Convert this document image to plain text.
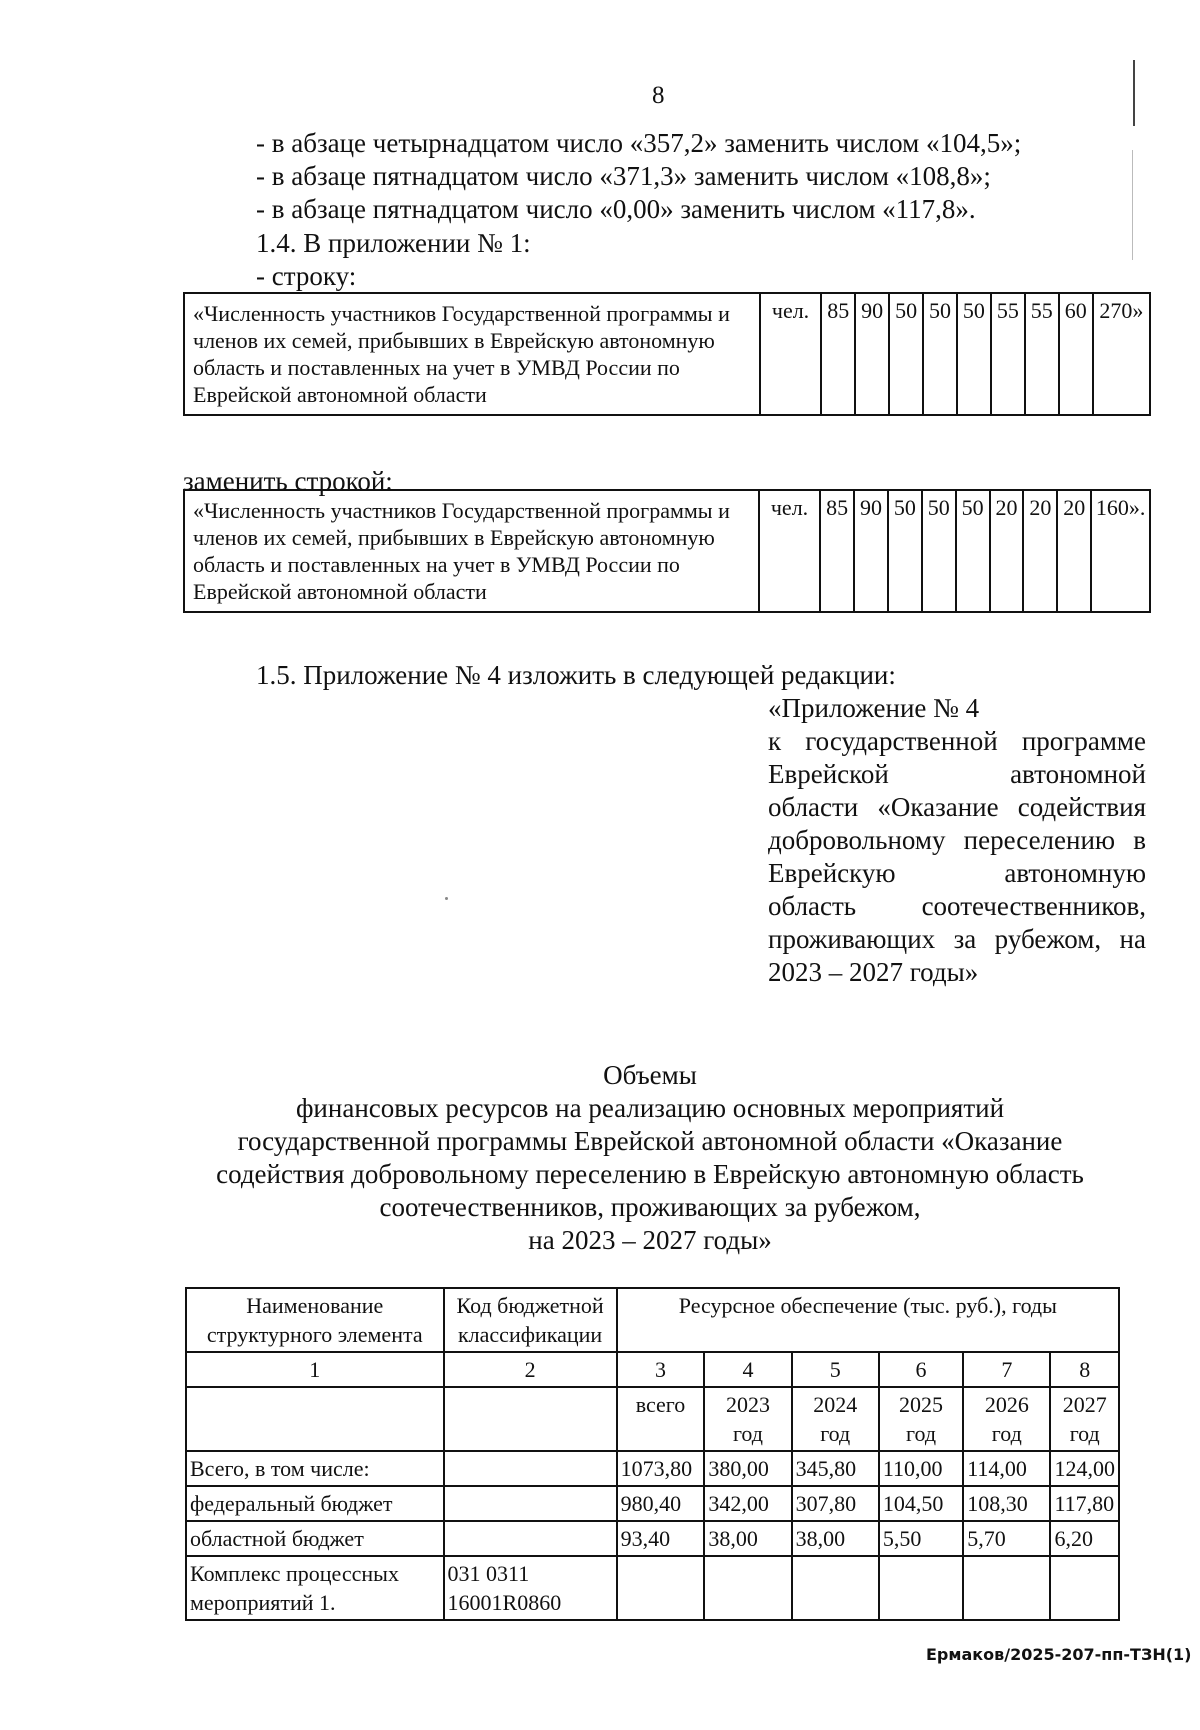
8
- в абзаце четырнадцатом число «357,2» заменить числом «104,5»;
- в абзаце пятнадцатом число «371,3» заменить числом «108,8»;
- в абзаце пятнадцатом число «0,00» заменить числом «117,8».
1.4. В приложении № 1:
- строку:
«Численность участников Государственной программы и членов их семей, прибывших в Еврейскую автономную область и поставленных на учет в УМВД России по Еврейской автономной области	чел.	85	90	50	50	50	55	55	60	270»
заменить строкой:
«Численность участников Государственной программы и членов их семей, прибывших в Еврейскую автономную область и поставленных на учет в УМВД России по Еврейской автономной области	чел.	85	90	50	50	50	20	20	20	160».
1.5. Приложение № 4 изложить в следующей редакции:
«Приложение № 4
к государственной программе
Еврейской автономной
области «Оказание содействия
добровольному переселению в
Еврейскую автономную
область соотечественников,
проживающих за рубежом, на
2023 – 2027 годы»
Объемы
финансовых ресурсов на реализацию основных мероприятий
государственной программы Еврейской автономной области «Оказание
содействия добровольному переселению в Еврейскую автономную область
соотечественников, проживающих за рубежом,
на 2023 – 2027 годы»
Наименование структурного элемента	Код бюджетной классификации	Ресурсное обеспечение (тыс. руб.), годы					
1	2	3	4	5	6	7	8
		всего	2023 год	2024 год	2025 год	2026 год	2027 год
Всего, в том числе:		1073,80	380,00	345,80	110,00	114,00	124,00
федеральный бюджет		980,40	342,00	307,80	104,50	108,30	117,80
областной бюджет		93,40	38,00	38,00	5,50	5,70	6,20
Комплекс процессных мероприятий 1.	031 0311 16001R0860						
Ермаков/2025-207-пп-ТЗН(1)
